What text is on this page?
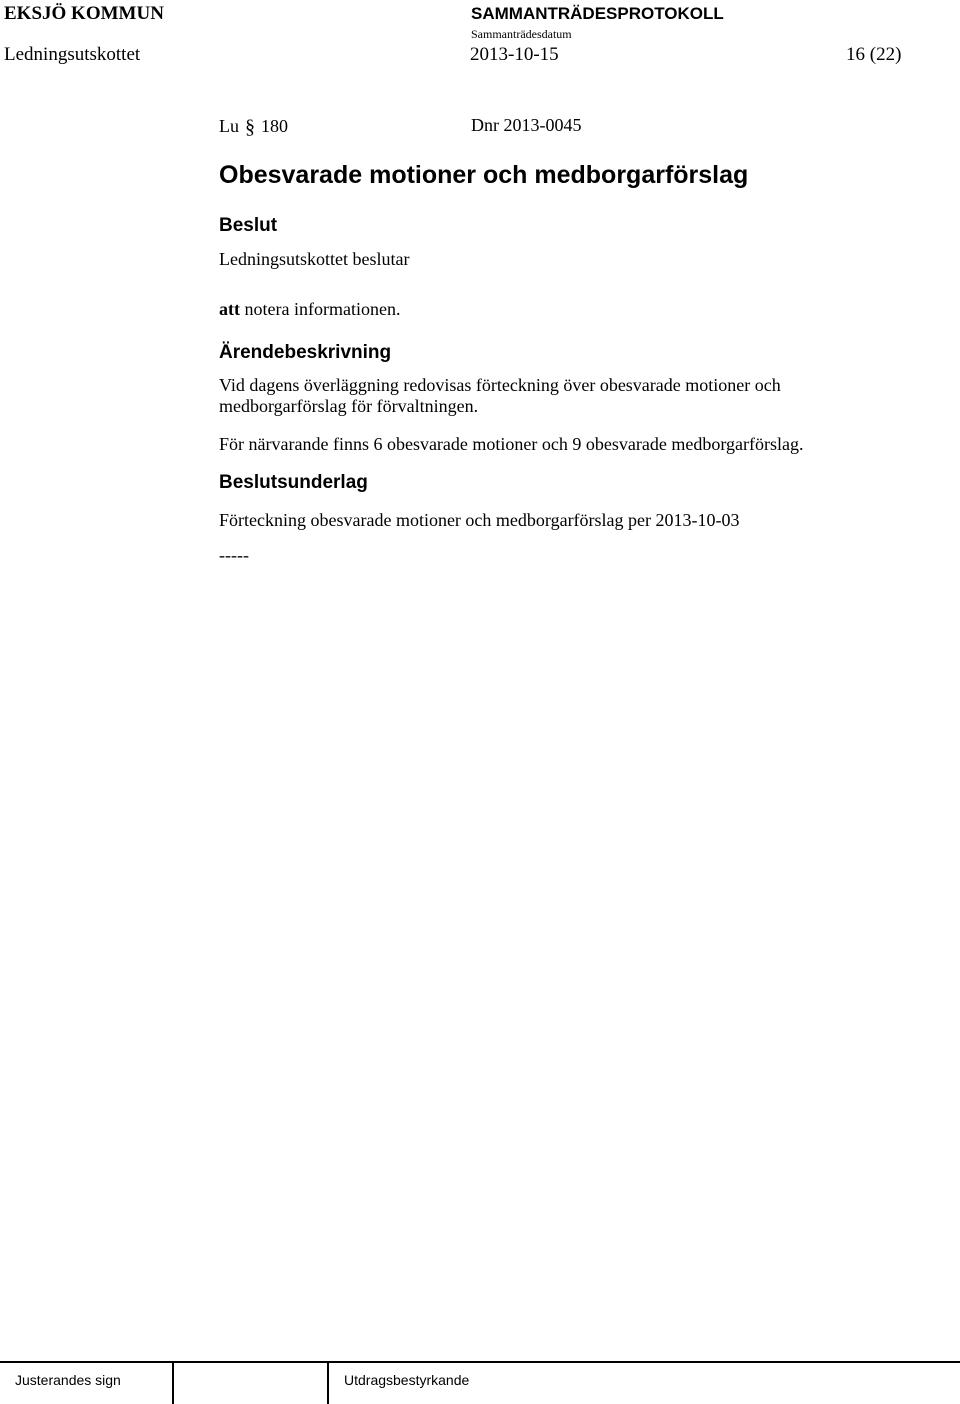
EKSJÖ KOMMUN	SAMMANTRÄDESPROTOKOLL
Sammanträdesdatum
Ledningsutskottet	2013-10-15	16 (22)
Lu § 180	Dnr 2013-0045
Obesvarade motioner och medborgarförslag
Beslut
Ledningsutskottet beslutar
att notera informationen.
Ärendebeskrivning
Vid dagens överläggning redovisas förteckning över obesvarade motioner och medborgarförslag för förvaltningen.
För närvarande finns 6 obesvarade motioner och 9 obesvarade medborgarförslag.
Beslutsunderlag
Förteckning obesvarade motioner och medborgarförslag per 2013-10-03
-----
Justerandes sign	Utdragsbestyrkande
